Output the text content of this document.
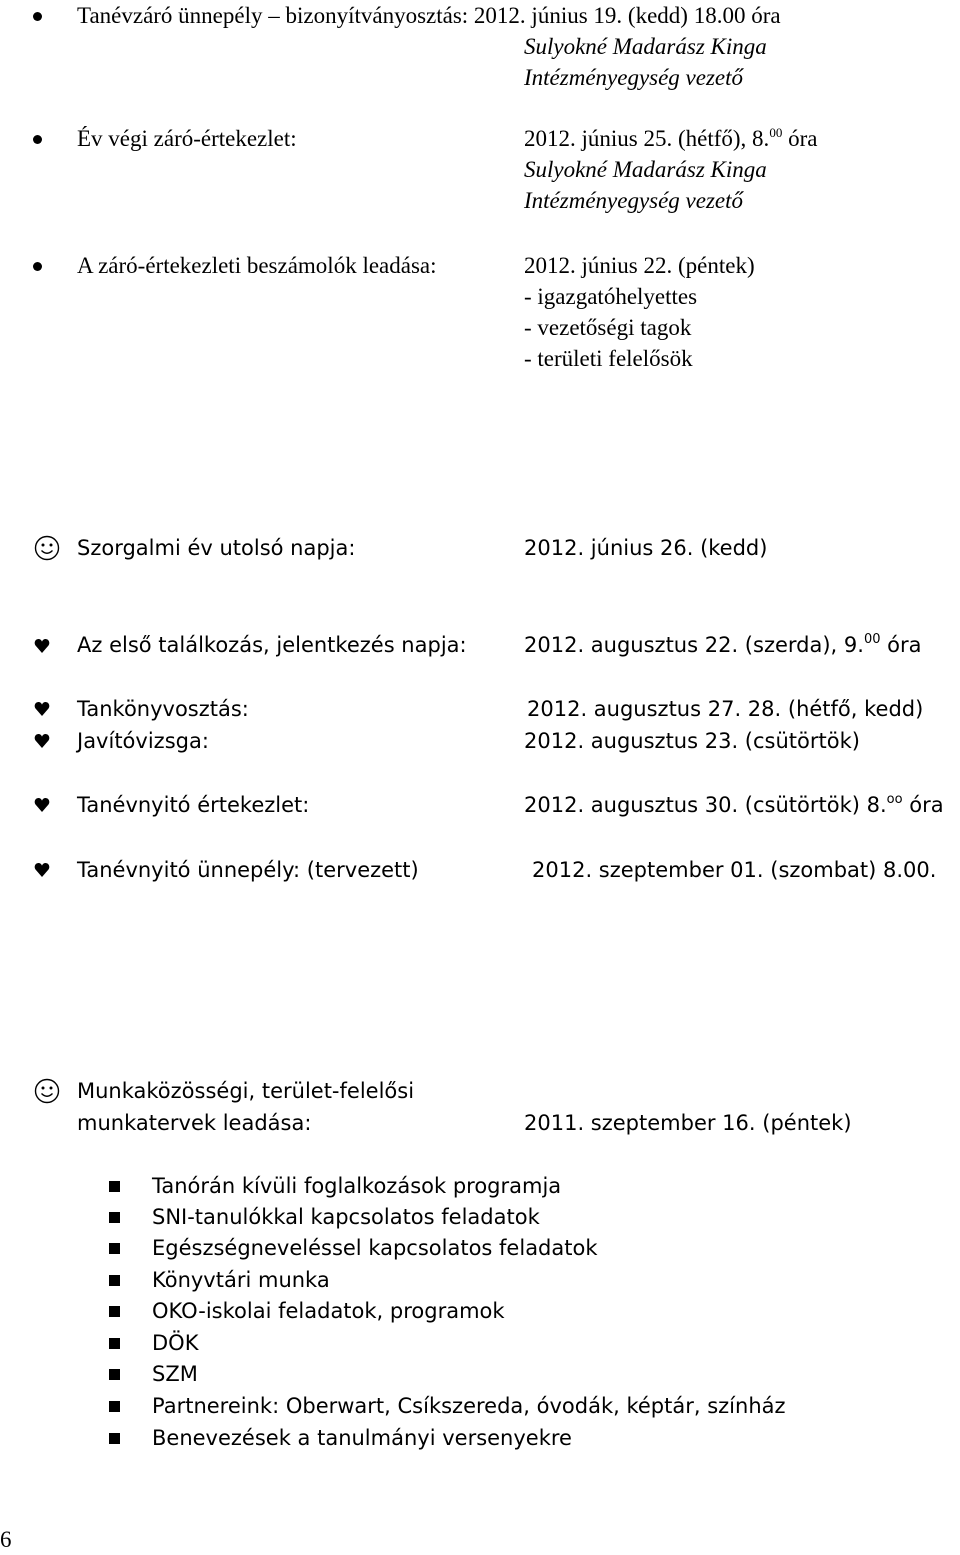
Tanévzáró ünnepély – bizonyítványosztás: 2012. június 19. (kedd) 18.00 óra
Sulyokné Madarász Kinga
Intézményegység vezető
Év végi záró-értekezlet:	2012. június 25. (hétfő), 8.00 óra
Sulyokné Madarász Kinga
Intézményegység vezető
A záró-értekezleti beszámolók leadása:	2012. június 22. (péntek)
- igazgatóhelyettes
- vezetőségi tagok
- területi felelősök
Szorgalmi év utolsó napja:	2012. június 26. (kedd)
Az első találkozás, jelentkezés napja:	2012. augusztus 22. (szerda), 9.00 óra
Tankönyvosztás:	2012. augusztus 27. 28. (hétfő, kedd)
Javítóvizsga:	2012. augusztus 23. (csütörtök)
Tanévnyitó értekezlet:	2012. augusztus 30. (csütörtök) 8.$^{oo}$ óra
Tanévnyitó ünnepély: (tervezett)	2012. szeptember 01. (szombat) 8.00.
Munkaközösségi, terület-felelősi
munkatervek leadása:	2011. szeptember 16. (péntek)
Tanórán kívüli foglalkozások programja
SNI-tanulókkal kapcsolatos feladatok
Egészségneveléssel kapcsolatos feladatok
Könyvtári munka
OKO-iskolai feladatok, programok
DÖK
SZM
Partnereink: Oberwart, Csíkszereda, óvodák, képtár, színház
Benevezések a tanulmányi versenyekre
6
